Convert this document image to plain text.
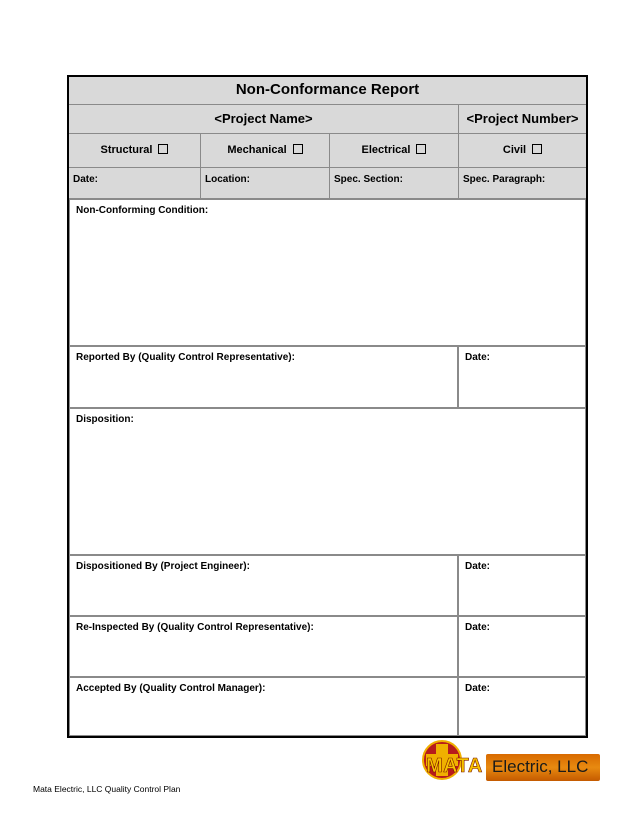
Non-Conformance Report
<Project Name>	<Project Number>
Structural	Mechanical	Electrical	Civil
Date:	Location:	Spec. Section:	Spec. Paragraph:
Non-Conforming Condition:
Reported By (Quality Control Representative):	Date:
Disposition:
Dispositioned By (Project Engineer):	Date:
Re-Inspected By (Quality Control Representative):	Date:
Accepted By (Quality Control Manager):	Date:
MATA Electric, LLC
Mata Electric, LLC Quality Control Plan
